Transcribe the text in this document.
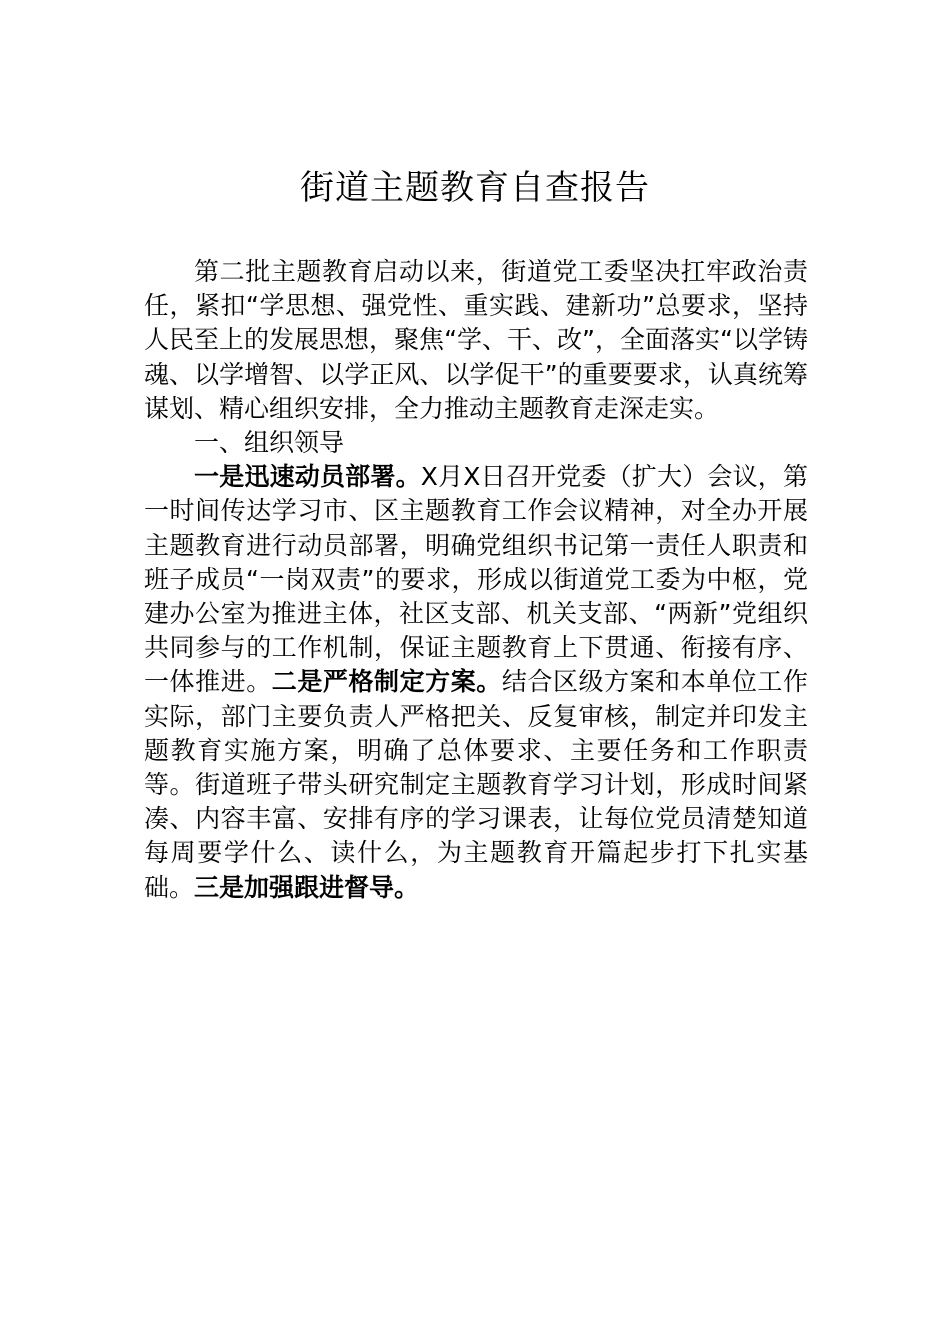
街道主题教育自查报告

第二批主题教育启动以来，街道党工委坚决扛牢政治责任，紧扣“学思想、强党性、重实践、建新功”总要求，坚持人民至上的发展思想，聚焦“学、干、改”，全面落实“以学铸魂、以学增智、以学正风、以学促干”的重要要求，认真统筹谋划、精心组织安排，全力推动主题教育走深走实。

一、组织领导

一是迅速动员部署。X月X日召开党委（扩大）会议，第一时间传达学习市、区主题教育工作会议精神，对全办开展主题教育进行动员部署，明确党组织书记第一责任人职责和班子成员“一岗双责”的要求，形成以街道党工委为中枢，党建办公室为推进主体，社区支部、机关支部、“两新”党组织共同参与的工作机制，保证主题教育上下贯通、衔接有序、一体推进。二是严格制定方案。结合区级方案和本单位工作实际，部门主要负责人严格把关、反复审核，制定并印发主题教育实施方案，明确了总体要求、主要任务和工作职责等。街道班子带头研究制定主题教育学习计划，形成时间紧凑、内容丰富、安排有序的学习课表，让每位党员清楚知道每周要学什么、读什么，为主题教育开篇起步打下扎实基础。三是加强跟进督导。
